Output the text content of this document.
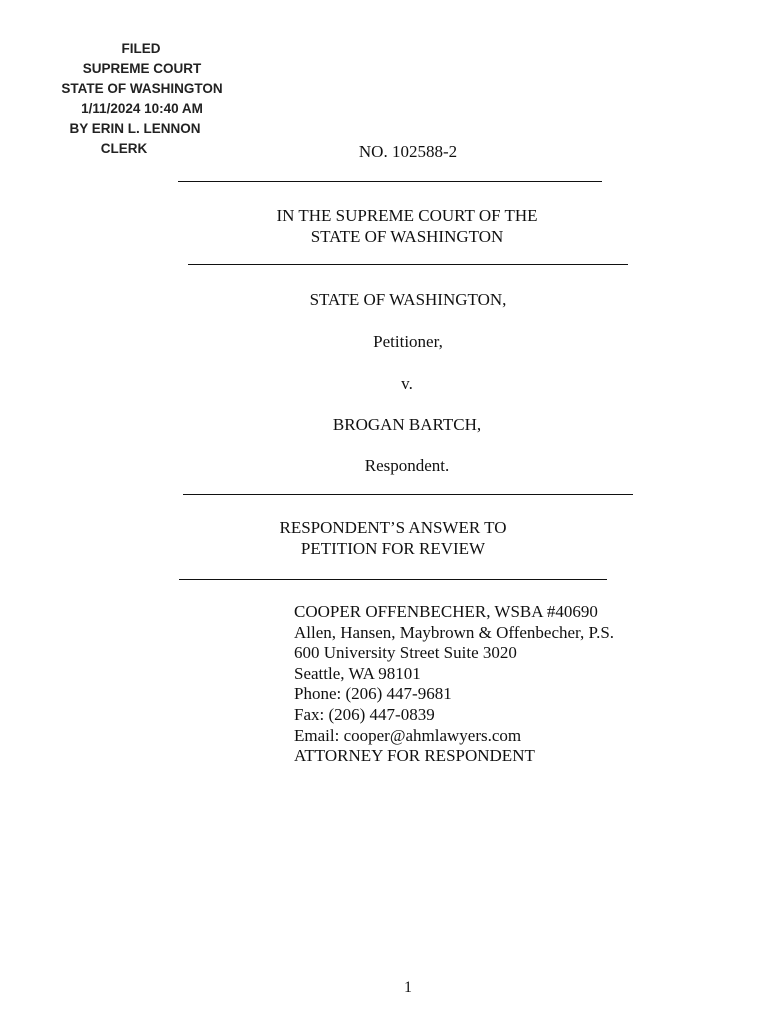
FILED
SUPREME COURT
STATE OF WASHINGTON
1/11/2024 10:40 AM
BY ERIN L. LENNON
CLERK	NO. 102588-2
IN THE SUPREME COURT OF THE
STATE OF WASHINGTON
STATE OF WASHINGTON,
Petitioner,
v.
BROGAN BARTCH,
Respondent.
RESPONDENT’S ANSWER TO
PETITION FOR REVIEW
COOPER OFFENBECHER, WSBA #40690
Allen, Hansen, Maybrown & Offenbecher, P.S.
600 University Street Suite 3020
Seattle, WA 98101
Phone: (206) 447-9681
Fax: (206) 447-0839
Email: cooper@ahmlawyers.com
ATTORNEY FOR RESPONDENT
1
